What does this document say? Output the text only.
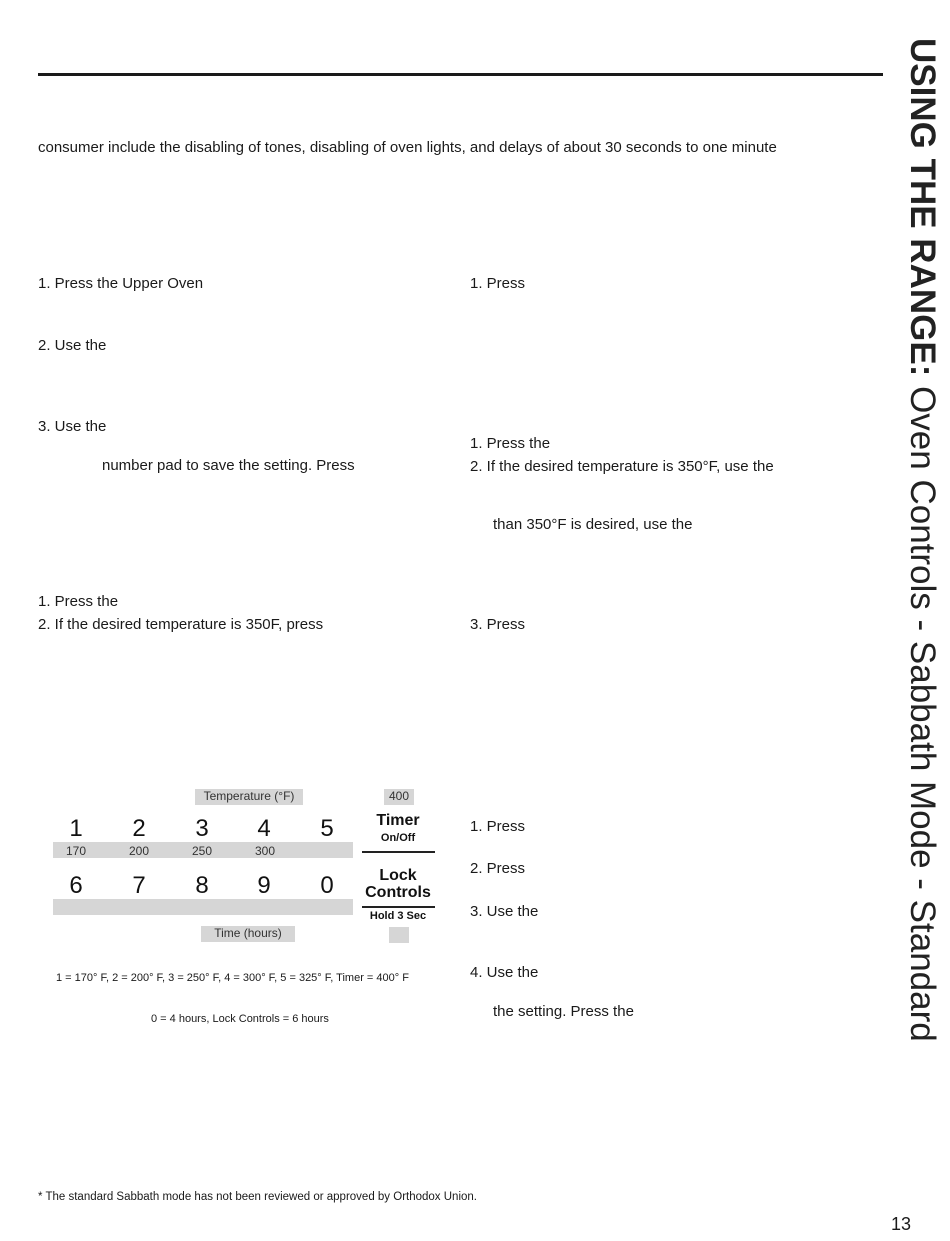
consumer include the disabling of tones, disabling of oven lights, and delays of about 30 seconds to one minute
1. Press the Upper Oven
2. Use the
3. Use the
number pad to save the setting. Press
1. Press the
2. If the desired temperature is 350F, press
1. Press
1. Press the
2. If the desired temperature is 350°F, use the
than 350°F is desired, use the
3. Press
1. Press
2. Press
3. Use the
4. Use the
the setting. Press the
Temperature (°F)	400
1	2	3	4	5
170	200	250	300
6	7	8	9	0
Time (hours)
Timer
On/Off
Lock
Controls
Hold 3 Sec
1 = 170° F, 2 = 200° F, 3 = 250° F, 4 = 300° F, 5 = 325° F, Timer = 400° F
0 = 4 hours, Lock Controls = 6 hours
USING THE RANGE: Oven Controls - Sabbath Mode - Standard
* The standard Sabbath mode has not been reviewed or approved by Orthodox Union.
13
